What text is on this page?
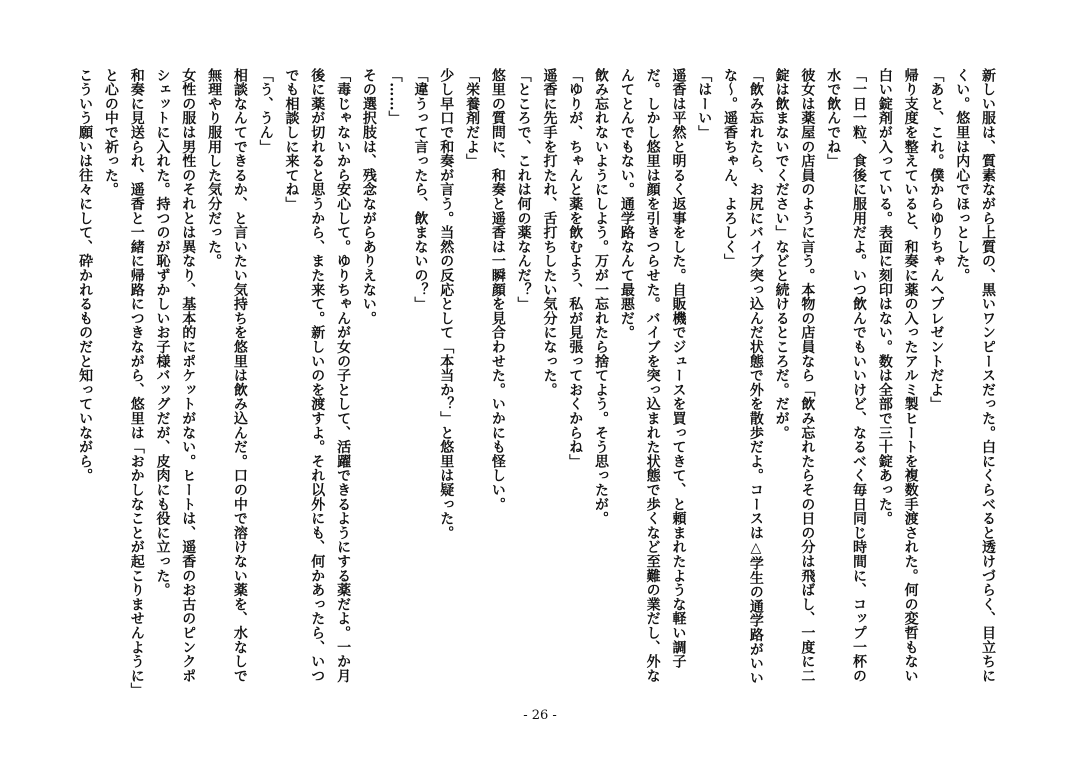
新しい服は、質素ながら上質の、黒いワンピースだった。白にくらべると透けづらく、目立ちにくい。悠里は内心でほっとした。

「あと、これ。僕からゆりちゃんへプレゼントだよ」

帰り支度を整えていると、和奏に薬の入ったアルミ製ヒートを複数手渡された。何の変哲もない白い錠剤が入っている。表面に刻印はない。数は全部で三十錠あった。

「一日一粒、食後に服用だよ。いつ飲んでもいいけど、なるべく毎日同じ時間に、コップ一杯の水で飲んでね」

彼女は薬屋の店員のように言う。本物の店員なら「飲み忘れたらその日の分は飛ばし、一度に二錠は飲まないでください」などと続けるところだ。だが。

「飲み忘れたら、お尻にバイブ突っ込んだ状態で外を散歩だよ。コースは△学生の通学路がいいな～。遥香ちゃん、よろしく」

「はーい」

遥香は平然と明るく返事をした。自販機でジュースを買ってきて、と頼まれたような軽い調子だ。しかし悠里は顔を引きつらせた。バイブを突っ込まれた状態で歩くなど至難の業だし、外なんてとんでもない。通学路なんて最悪だ。

飲み忘れないようにしよう。万が一忘れたら捨てよう。そう思ったが。

「ゆりが、ちゃんと薬を飲むよう、私が見張っておくからね」

遥香に先手を打たれ、舌打ちしたい気分になった。

「ところで、これは何の薬なんだ？」

悠里の質問に、和奏と遥香は一瞬顔を見合わせた。いかにも怪しい。

「栄養剤だよ」

少し早口で和奏が言う。当然の反応として「本当か？」と悠里は疑った。

「違うって言ったら、飲まないの？」

「……」

その選択肢は、残念ながらありえない。

「毒じゃないから安心して。ゆりちゃんが女の子として、活躍できるようにする薬だよ。一か月後に薬が切れると思うから、また来て。新しいのを渡すよ。それ以外にも、何かあったら、いつでも相談しに来てね」

「う、うん」

相談なんてできるか、と言いたい気持ちを悠里は飲み込んだ。口の中で溶けない薬を、水なしで無理やり服用した気分だった。

女性の服は男性のそれとは異なり、基本的にポケットがない。ヒートは、遥香のお古のピンクポシェットに入れた。持つのが恥ずかしいお子様バッグだが、皮肉にも役に立った。

和奏に見送られ、遥香と一緒に帰路につきながら、悠里は「おかしなことが起こりませんように」と心の中で祈った。

こういう願いは往々にして、砕かれるものだと知っていながら。

- 26 -
